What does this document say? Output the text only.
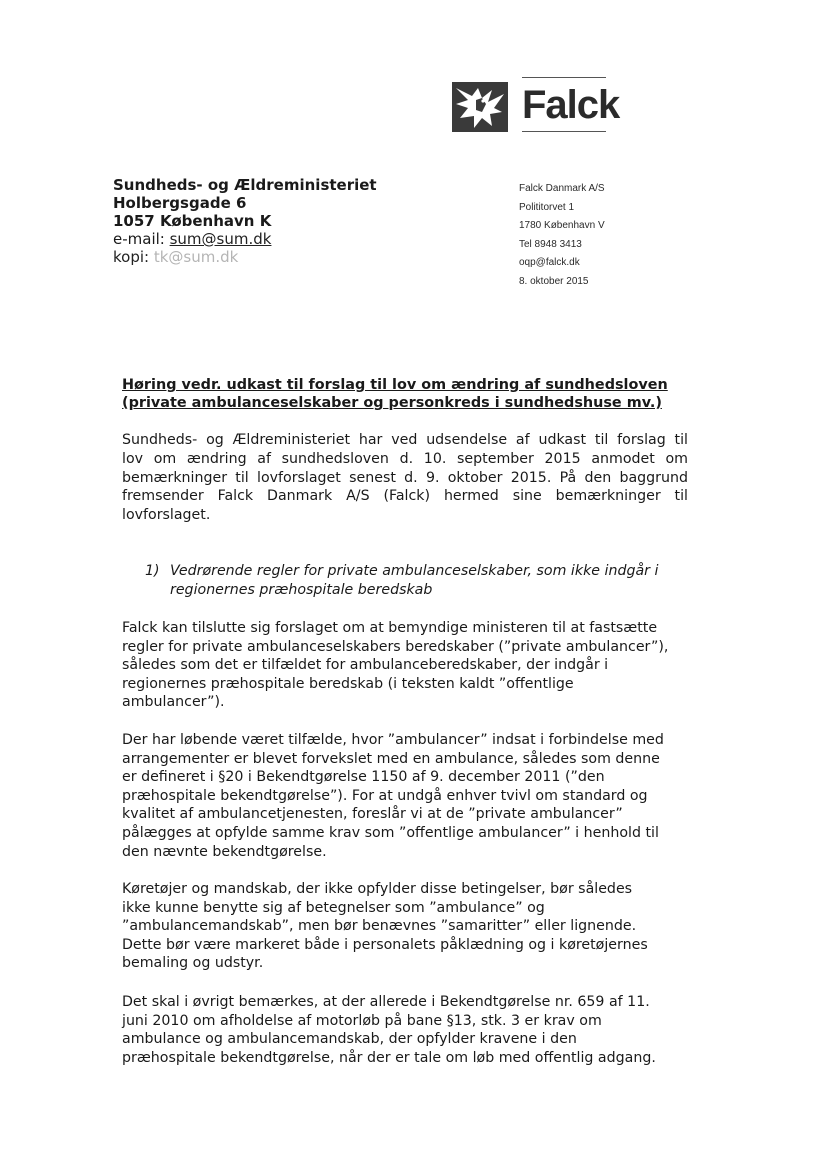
Falck
Sundheds- og Ældreministeriet
Holbergsgade 6
1057 København K
e-mail: sum@sum.dk
kopi: tk@sum.dk
Falck Danmark A/S
Polititorvet 1
1780 København V
Tel 8948 3413
oqp@falck.dk
8. oktober 2015
Høring vedr. udkast til forslag til lov om ændring af sundhedsloven
(private ambulanceselskaber og personkreds i sundhedshuse mv.)
Sundheds- og Ældreministeriet har ved udsendelse af udkast til forslag til
lov om ændring af sundhedsloven d. 10. september 2015 anmodet om
bemærkninger til lovforslaget senest d. 9. oktober 2015. På den baggrund
fremsender Falck Danmark A/S (Falck) hermed sine bemærkninger til
lovforslaget.
1) Vedrørende regler for private ambulanceselskaber, som ikke indgår i
regionernes præhospitale beredskab
Falck kan tilslutte sig forslaget om at bemyndige ministeren til at fastsætte
regler for private ambulanceselskabers beredskaber (”private ambulancer”),
således som det er tilfældet for ambulanceberedskaber, der indgår i
regionernes præhospitale beredskab (i teksten kaldt ”offentlige
ambulancer”).
Der har løbende været tilfælde, hvor ”ambulancer” indsat i forbindelse med
arrangementer er blevet forvekslet med en ambulance, således som denne
er defineret i §20 i Bekendtgørelse 1150 af 9. december 2011 (”den
præhospitale bekendtgørelse”). For at undgå enhver tvivl om standard og
kvalitet af ambulancetjenesten, foreslår vi at de ”private ambulancer”
pålægges at opfylde samme krav som ”offentlige ambulancer” i henhold til
den nævnte bekendtgørelse.
Køretøjer og mandskab, der ikke opfylder disse betingelser, bør således
ikke kunne benytte sig af betegnelser som ”ambulance” og
”ambulancemandskab”, men bør benævnes ”samaritter” eller lignende.
Dette bør være markeret både i personalets påklædning og i køretøjernes
bemaling og udstyr.
Det skal i øvrigt bemærkes, at der allerede i Bekendtgørelse nr. 659 af 11.
juni 2010 om afholdelse af motorløb på bane §13, stk. 3 er krav om
ambulance og ambulancemandskab, der opfylder kravene i den
præhospitale bekendtgørelse, når der er tale om løb med offentlig adgang.
